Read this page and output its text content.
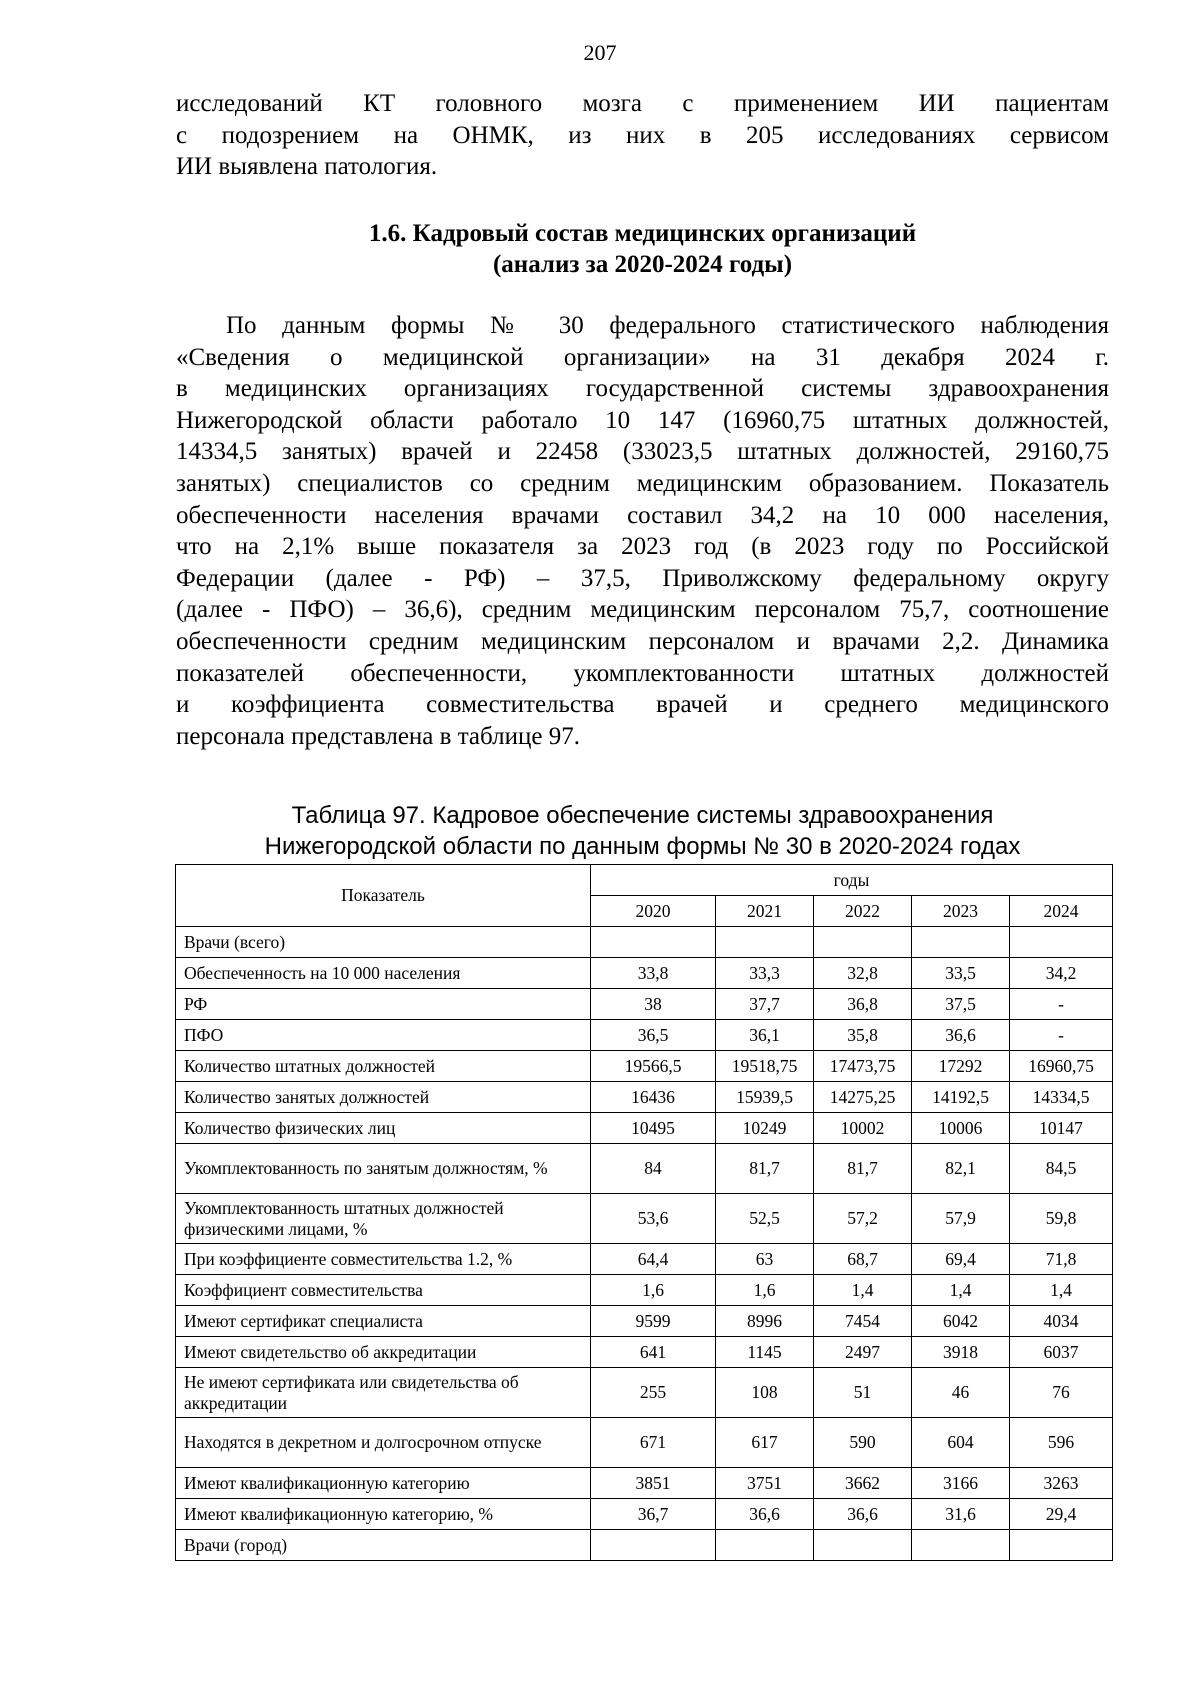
207
исследований КТ головного мозга с применением ИИ пациентам
с подозрением на ОНМК, из них в 205 исследованиях сервисом
ИИ выявлена патология.
1.6. Кадровый состав медицинских организаций
(анализ за 2020-2024 годы)
По данным формы № 30 федерального статистического наблюдения
«Сведения о медицинской организации» на 31 декабря 2024 г.
в медицинских организациях государственной системы здравоохранения
Нижегородской области работало 10 147 (16960,75 штатных должностей,
14334,5 занятых) врачей и 22458 (33023,5 штатных должностей, 29160,75
занятых) специалистов со средним медицинским образованием. Показатель
обеспеченности населения врачами составил 34,2 на 10 000 населения,
что на 2,1% выше показателя за 2023 год (в 2023 году по Российской
Федерации (далее - РФ) – 37,5, Приволжскому федеральному округу
(далее - ПФО) – 36,6), средним медицинским персоналом 75,7, соотношение
обеспеченности средним медицинским персоналом и врачами 2,2. Динамика
показателей обеспеченности, укомплектованности штатных должностей
и коэффициента совместительства врачей и среднего медицинского
персонала представлена в таблице 97.
Таблица 97. Кадровое обеспечение системы здравоохранения
Нижегородской области по данным формы № 30 в 2020-2024 годах
Показатель	годы				
	2020	2021	2022	2023	2024
Врачи (всего)					
Обеспеченность на 10 000 населения	33,8	33,3	32,8	33,5	34,2
РФ	38	37,7	36,8	37,5	-
ПФО	36,5	36,1	35,8	36,6	-
Количество штатных должностей	19566,5	19518,75	17473,75	17292	16960,75
Количество занятых должностей	16436	15939,5	14275,25	14192,5	14334,5
Количество физических лиц	10495	10249	10002	10006	10147
Укомплектованность по занятым должностям, %	84	81,7	81,7	82,1	84,5
Укомплектованность штатных должностей физическими лицами, %	53,6	52,5	57,2	57,9	59,8
При коэффициенте совместительства 1.2, %	64,4	63	68,7	69,4	71,8
Коэффициент совместительства	1,6	1,6	1,4	1,4	1,4
Имеют сертификат специалиста	9599	8996	7454	6042	4034
Имеют свидетельство об аккредитации	641	1145	2497	3918	6037
Не имеют сертификата или свидетельства об аккредитации	255	108	51	46	76
Находятся в декретном и долгосрочном отпуске	671	617	590	604	596
Имеют квалификационную категорию	3851	3751	3662	3166	3263
Имеют квалификационную категорию, %	36,7	36,6	36,6	31,6	29,4
Врачи (город)					
